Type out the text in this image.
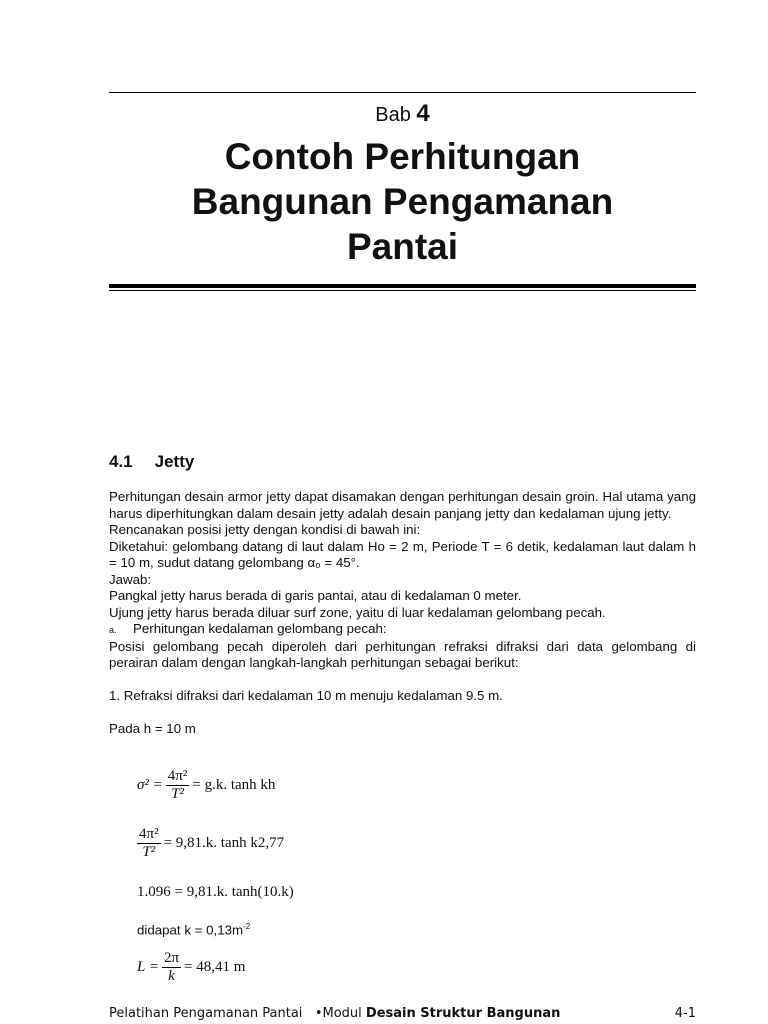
Bab 4
Contoh Perhitungan
Bangunan Pengamanan
Pantai
4.1 Jetty

Perhitungan desain armor jetty dapat disamakan dengan perhitungan desain groin. Hal utama yang harus diperhitungkan dalam desain jetty adalah desain panjang jetty dan kedalaman ujung jetty.

Rencanakan posisi jetty dengan kondisi di bawah ini:

Diketahui: gelombang datang di laut dalam Ho = 2 m, Periode T = 6 detik, kedalaman laut dalam h = 10 m, sudut datang gelombang α₀ = 45°.

Jawab:

Pangkal jetty harus berada di garis pantai, atau di kedalaman 0 meter.

Ujung jetty harus berada diluar surf zone, yaitu di luar kedalaman gelombang pecah.

a. Perhitungan kedalaman gelombang pecah:

Posisi gelombang pecah diperoleh dari perhitungan refraksi difraksi dari data gelombang di perairan dalam dengan langkah-langkah perhitungan sebagai berikut:

1. Refraksi difraksi dari kedalaman 10 m menuju kedalaman 9.5 m.

Pada h = 10 m

$\sigma^2 = \frac{\text{4π²}}{\text{T²}} = g.k$. tanh kh
$\frac{\text{4π²}}{\text{T²}} = 9,81.k$. tanh k2,77
1.096 = 9,81.k. tanh(10.k)
didapat $k = 0,13m^{-2}$
$L = \frac{2\pi}{k} = 48,41$ m
Pelatihan Pengamanan Pantai •Modul Desain Struktur Bangunan	4-1
